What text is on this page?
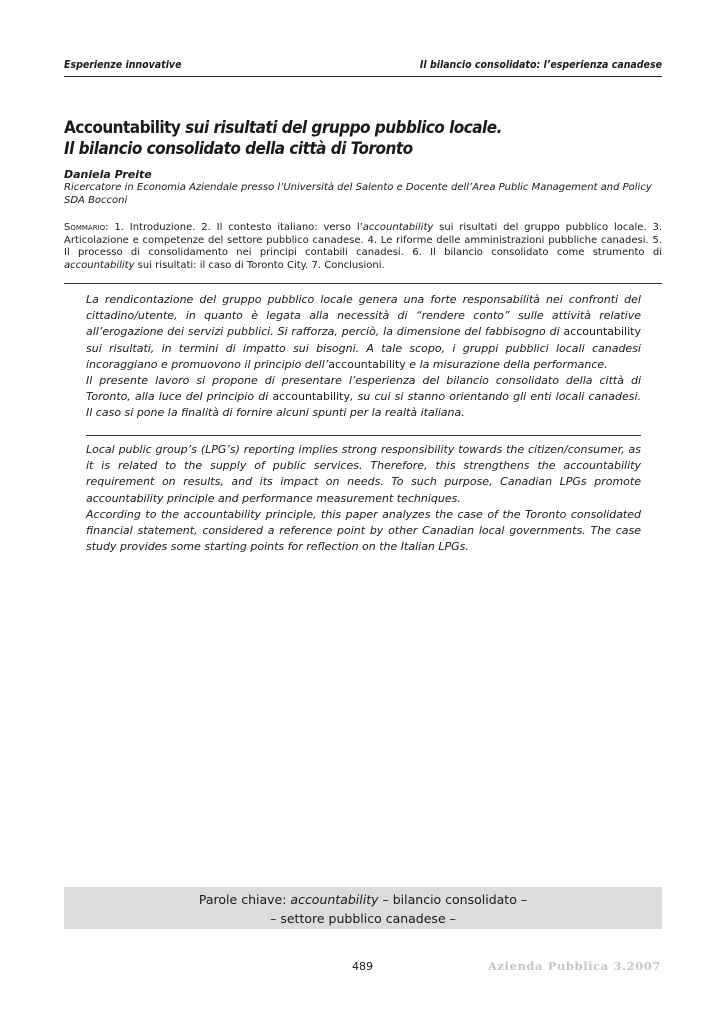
Esperienze innovative	Il bilancio consolidato: l’esperienza canadese
Accountability sui risultati del gruppo pubblico locale.
Il bilancio consolidato della città di Toronto
Daniela Preite
Ricercatore in Economia Aziendale presso l’Università del Salento e Docente dell’Area Public Management and Policy SDA Bocconi
Sommario: 1. Introduzione. 2. Il contesto italiano: verso l’accountability sui risultati del gruppo pubblico locale. 3. Articolazione e competenze del settore pubblico canadese. 4. Le riforme delle amministrazioni pubbliche canadesi. 5. Il processo di consolidamento nei principi contabili canadesi. 6. Il bilancio consolidato come strumento di accountability sui risultati: il caso di Toronto City. 7. Conclusioni.
La rendicontazione del gruppo pubblico locale genera una forte responsabilità nei confronti del cittadino/utente, in quanto è legata alla necessità di “rendere conto” sulle attività relative all’erogazione dei servizi pubblici. Si rafforza, perciò, la dimensione del fabbisogno di accountability sui risultati, in termini di impatto sui bisogni. A tale scopo, i gruppi pubblici locali canadesi incoraggiano e promuovono il principio dell’accountability e la misurazione della performance.
Il presente lavoro si propone di presentare l’esperienza del bilancio consolidato della città di Toronto, alla luce del principio di accountability, su cui si stanno orientando gli enti locali canadesi. Il caso si pone la finalità di fornire alcuni spunti per la realtà italiana.
Local public group’s (LPG’s) reporting implies strong responsibility towards the citizen/consumer, as it is related to the supply of public services. Therefore, this strengthens the accountability requirement on results, and its impact on needs. To such purpose, Canadian LPGs promote accountability principle and performance measurement techniques.
According to the accountability principle, this paper analyzes the case of the Toronto consolidated financial statement, considered a reference point by other Canadian local governments. The case study provides some starting points for reflection on the Italian LPGs.
Parole chiave: accountability – bilancio consolidato –
– settore pubblico canadese –
489	Azienda Pubblica 3.2007
